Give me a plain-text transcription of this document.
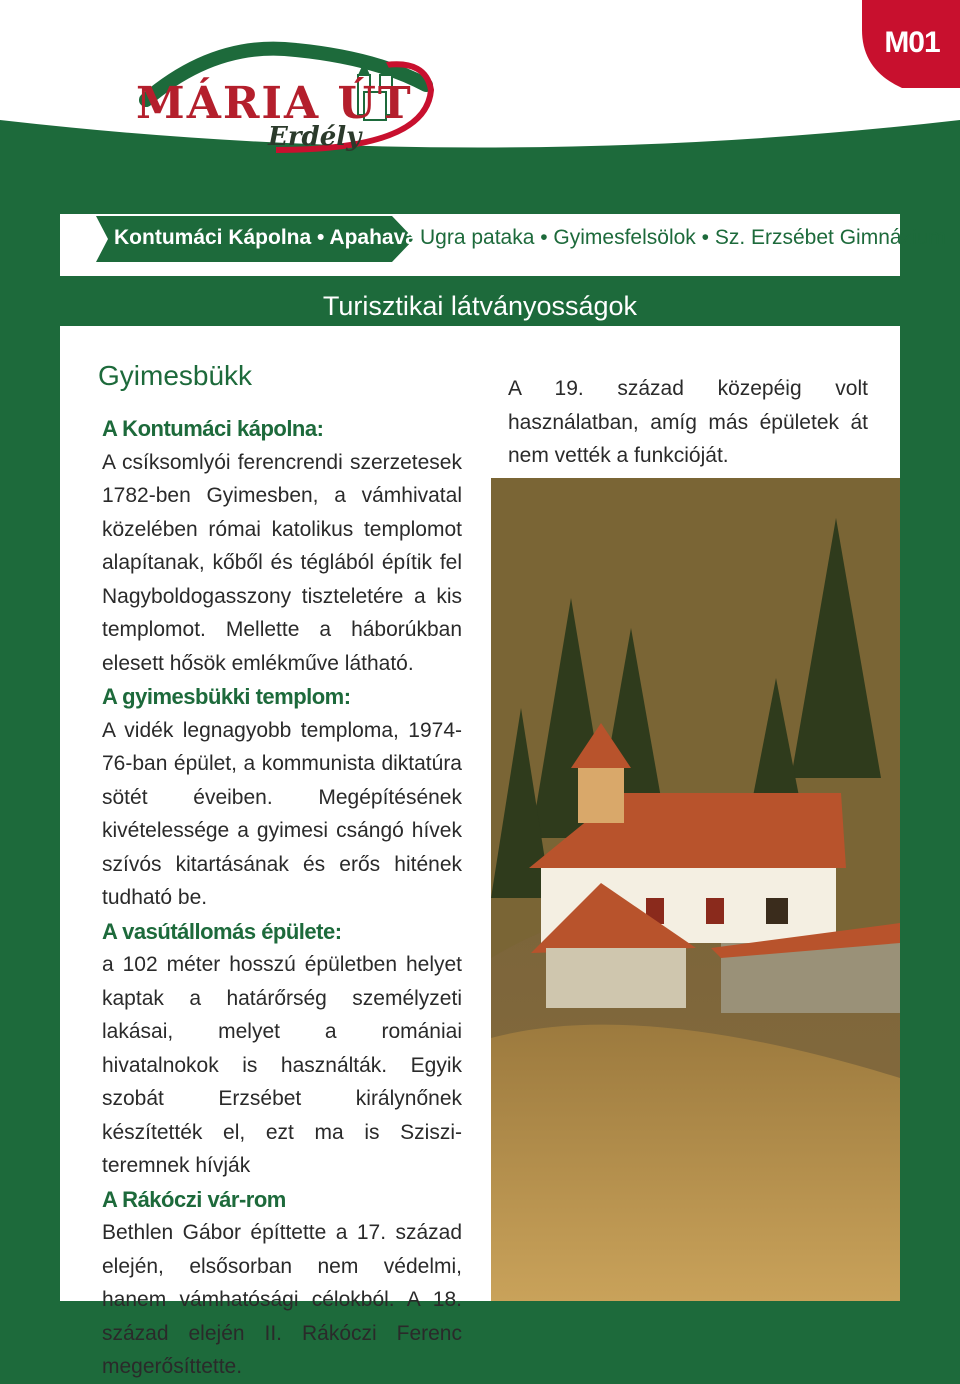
M01
MÁRIA ÚT
Erdély
Kontumáci Kápolna • Apahavas
Ugra pataka • Gyimesfelsölok • Sz. Erzsébet Gimnázium
Turisztikai látványosságok
Gyimesbükk
A Kontumáci kápolna:

A csíksomlyói ferencrendi szerzetesek 1782-ben Gyimesben, a vámhivatal közelében római katolikus templomot alapítanak, kőből és téglából építik fel Nagyboldogasszony tiszteletére a kis templomot. Mellette a háborúkban elesett hősök emlékműve látható.

A gyimesbükki templom:

A vidék legnagyobb temploma, 1974-76-ban épület, a kommunista diktatúra sötét éveiben. Megépítésének kivételessége a gyimesi csángó hívek szívós kitartásának és erős hitének tudható be.

A vasútállomás épülete:

a 102 méter hosszú épületben helyet kaptak a határőrség személyzeti lakásai, melyet a romániai hivatalnokok is használták. Egyik szobát Erzsébet királynőnek készítették el, ezt ma is Sziszi-teremnek hívják

A Rákóczi vár-rom

Bethlen Gábor építtette a 17. század elején, elsősorban nem védelmi, hanem vámhatósági célokból. A 18. század elején II. Rákóczi Ferenc megerősíttette.

A 19. század közepéig volt használatban, amíg más épületek át nem vették a funkcióját.
